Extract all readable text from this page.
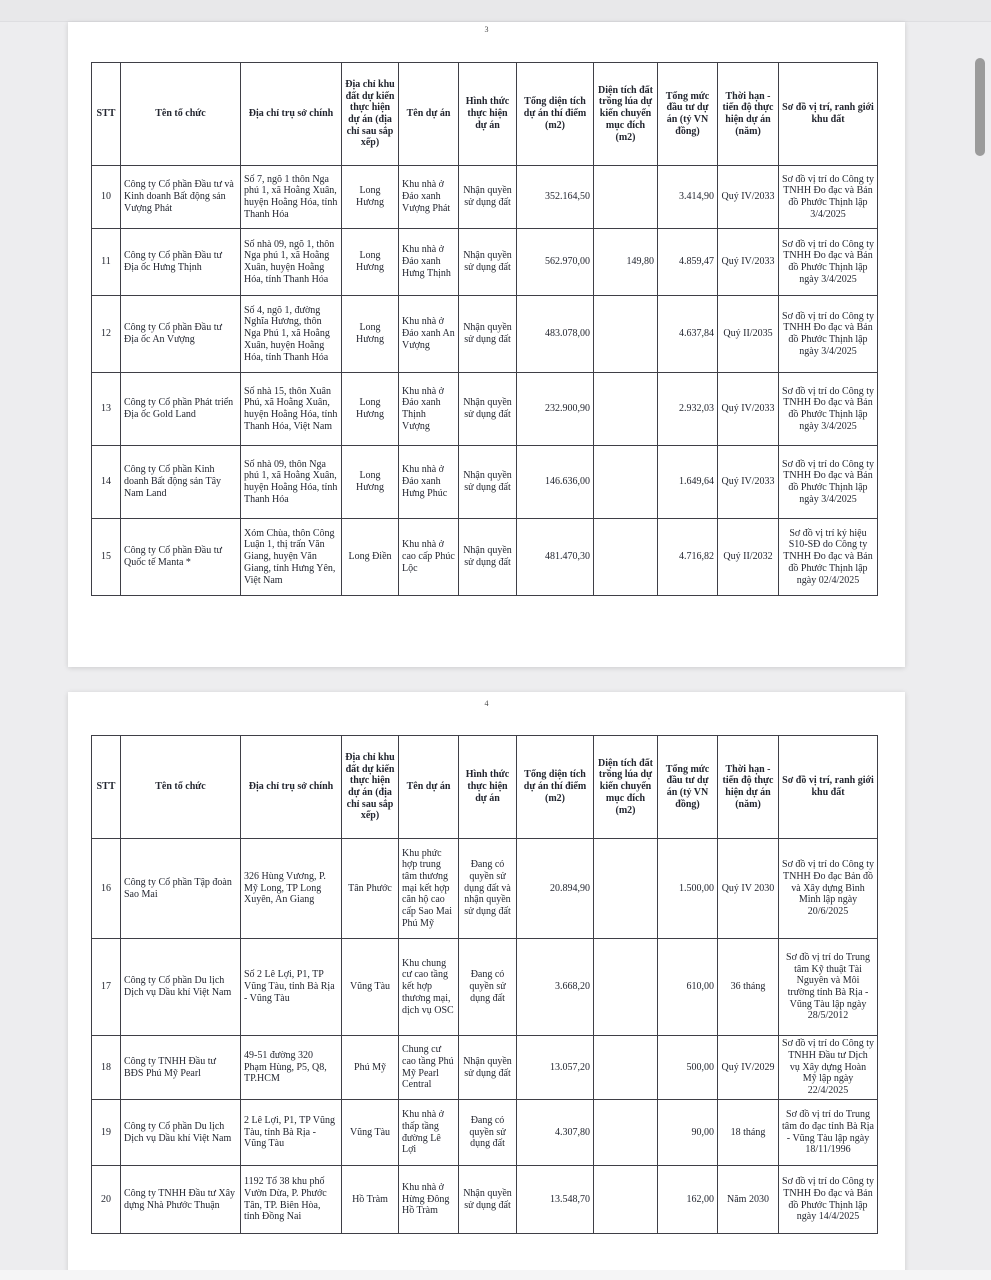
3
STT	Tên tổ chức	Địa chỉ trụ sở chính	Địa chỉ khu đất dự kiến thực hiện dự án (địa chỉ sau sắp xếp)	Tên dự án	Hình thức thực hiện dự án	Tổng diện tích dự án thí điểm (m2)	Diện tích đất trồng lúa dự kiến chuyển mục đích (m2)	Tổng mức đầu tư dự án (tỷ VN đồng)	Thời hạn - tiến độ thực hiện dự án (năm)	Sơ đồ vị trí, ranh giới khu đất
10	Công ty Cổ phần Đầu tư và Kinh doanh Bất động sản Vượng Phát	Số 7, ngõ 1 thôn Nga phú 1, xã Hoằng Xuân, huyện Hoằng Hóa, tỉnh Thanh Hóa	Long Hương	Khu nhà ở Đảo xanh Vượng Phát	Nhận quyền sử dụng đất	352.164,50		3.414,90	Quý IV/2033	Sơ đồ vị trí do Công ty TNHH Đo đạc và Bản đồ Phước Thịnh lập 3/4/2025
11	Công ty Cổ phần Đầu tư Địa ốc Hưng Thịnh	Số nhà 09, ngõ 1, thôn Nga phú 1, xã Hoằng Xuân, huyện Hoằng Hóa, tỉnh Thanh Hóa	Long Hương	Khu nhà ở Đảo xanh Hưng Thịnh	Nhận quyền sử dụng đất	562.970,00	149,80	4.859,47	Quý IV/2033	Sơ đồ vị trí do Công ty TNHH Đo đạc và Bản đồ Phước Thịnh lập ngày 3/4/2025
12	Công ty Cổ phần Đầu tư Địa ốc An Vượng	Số 4, ngõ 1, đường Nghĩa Hương, thôn Nga Phú 1, xã Hoằng Xuân, huyện Hoằng Hóa, tỉnh Thanh Hóa	Long Hương	Khu nhà ở Đảo xanh An Vượng	Nhận quyền sử dụng đất	483.078,00		4.637,84	Quý II/2035	Sơ đồ vị trí do Công ty TNHH Đo đạc và Bản đồ Phước Thịnh lập ngày 3/4/2025
13	Công ty Cổ phần Phát triển Địa ốc Gold Land	Số nhà 15, thôn Xuân Phú, xã Hoằng Xuân, huyện Hoằng Hóa, tỉnh Thanh Hóa, Việt Nam	Long Hương	Khu nhà ở Đảo xanh Thịnh Vượng	Nhận quyền sử dụng đất	232.900,90		2.932,03	Quý IV/2033	Sơ đồ vị trí do Công ty TNHH Đo đạc và Bản đồ Phước Thịnh lập ngày 3/4/2025
14	Công ty Cổ phần Kinh doanh Bất động sản Tây Nam Land	Số nhà 09, thôn Nga phú 1, xã Hoằng Xuân, huyện Hoằng Hóa, tỉnh Thanh Hóa	Long Hương	Khu nhà ở Đảo xanh Hưng Phúc	Nhận quyền sử dụng đất	146.636,00		1.649,64	Quý IV/2033	Sơ đồ vị trí do Công ty TNHH Đo đạc và Bản đồ Phước Thịnh lập ngày 3/4/2025
15	Công ty Cổ phần Đầu tư Quốc tế Manta *	Xóm Chùa, thôn Công Luận 1, thị trấn Văn Giang, huyện Văn Giang, tỉnh Hưng Yên, Việt Nam	Long Điền	Khu nhà ở cao cấp Phúc Lộc	Nhận quyền sử dụng đất	481.470,30		4.716,82	Quý II/2032	Sơ đồ vị trí ký hiệu S10-SĐ do Công ty TNHH Đo đạc và Bản đồ Phước Thịnh lập ngày 02/4/2025
4
STT	Tên tổ chức	Địa chỉ trụ sở chính	Địa chỉ khu đất dự kiến thực hiện dự án (địa chỉ sau sắp xếp)	Tên dự án	Hình thức thực hiện dự án	Tổng diện tích dự án thí điểm (m2)	Diện tích đất trồng lúa dự kiến chuyển mục đích (m2)	Tổng mức đầu tư dự án (tỷ VN đồng)	Thời hạn - tiến độ thực hiện dự án (năm)	Sơ đồ vị trí, ranh giới khu đất
16	Công ty Cổ phần Tập đoàn Sao Mai	326 Hùng Vương, P. Mỹ Long, TP Long Xuyên, An Giang	Tân Phước	Khu phức hợp trung tâm thương mại kết hợp căn hộ cao cấp Sao Mai Phú Mỹ	Đang có quyền sử dụng đất và nhận quyền sử dụng đất	20.894,90		1.500,00	Quý IV 2030	Sơ đồ vị trí do Công ty TNHH Đo đạc Bản đồ và Xây dựng Bình Minh lập ngày 20/6/2025
17	Công ty Cổ phần Du lịch Dịch vụ Dầu khí Việt Nam	Số 2 Lê Lợi, P1, TP Vũng Tàu, tỉnh Bà Rịa - Vũng Tàu	Vũng Tàu	Khu chung cư cao tầng kết hợp thương mại, dịch vụ OSC	Đang có quyền sử dụng đất	3.668,20		610,00	36 tháng	Sơ đồ vị trí do Trung tâm Kỹ thuật Tài Nguyên và Môi trường tỉnh Bà Rịa - Vũng Tàu lập ngày 28/5/2012
18	Công ty TNHH Đầu tư BĐS Phú Mỹ Pearl	49-51 đường 320 Phạm Hùng, P5, Q8, TP.HCM	Phú Mỹ	Chung cư cao tầng Phú Mỹ Pearl Central	Nhận quyền sử dụng đất	13.057,20		500,00	Quý IV/2029	Sơ đồ vị trí do Công ty TNHH Đầu tư Dịch vụ Xây dựng Hoàn Mỹ lập ngày 22/4/2025
19	Công ty Cổ phần Du lịch Dịch vụ Dầu khí Việt Nam	2 Lê Lợi, P1, TP Vũng Tàu, tỉnh Bà Rịa - Vũng Tàu	Vũng Tàu	Khu nhà ở thấp tầng đường Lê Lợi	Đang có quyền sử dụng đất	4.307,80		90,00	18 tháng	Sơ đồ vị trí do Trung tâm đo đạc tỉnh Bà Rịa - Vũng Tàu lập ngày 18/11/1996
20	Công ty TNHH Đầu tư Xây dựng Nhà Phước Thuận	1192 Tổ 38 khu phố Vườn Dừa, P. Phước Tân, TP. Biên Hòa, tỉnh Đồng Nai	Hồ Tràm	Khu nhà ở Hừng Đông Hồ Tràm	Nhận quyền sử dụng đất	13.548,70		162,00	Năm 2030	Sơ đồ vị trí do Công ty TNHH Đo đạc và Bản đồ Phước Thịnh lập ngày 14/4/2025
